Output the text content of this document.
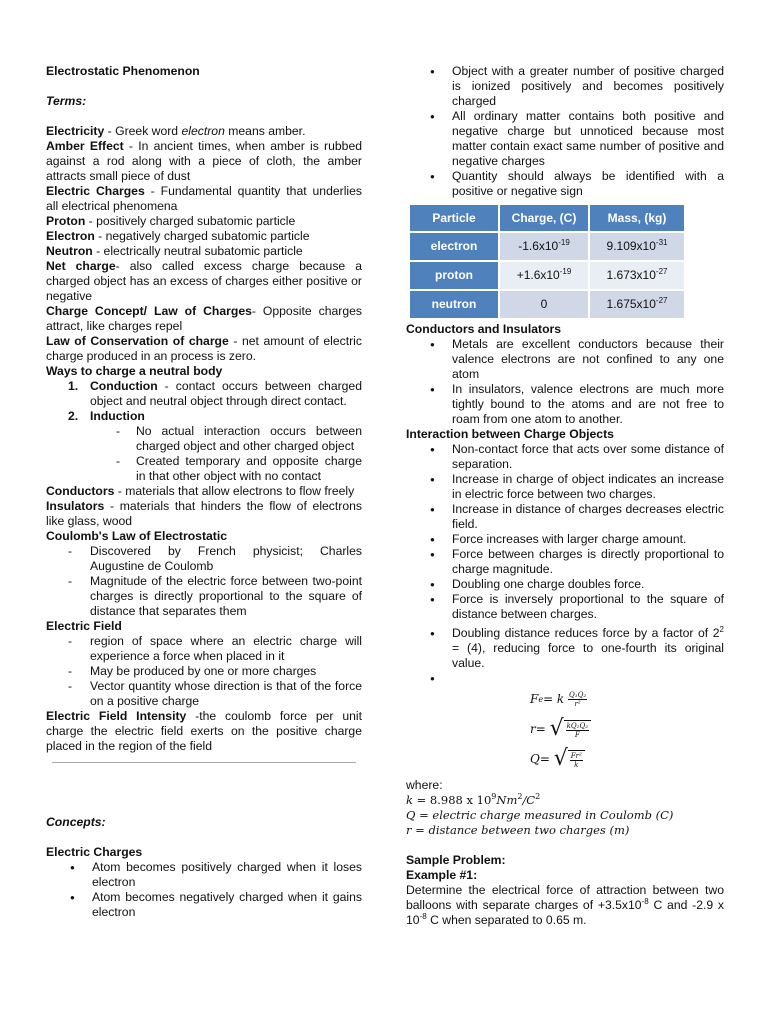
Electrostatic Phenomenon

Terms:

Electricity - Greek word electron means amber.

Amber Effect - In ancient times, when amber is rubbed against a rod along with a piece of cloth, the amber attracts small piece of dust

Electric Charges - Fundamental quantity that underlies all electrical phenomena

Proton - positively charged subatomic particle

Electron - negatively charged subatomic particle

Neutron - electrically neutral subatomic particle

Net charge- also called excess charge because a charged object has an excess of charges either positive or negative

Charge Concept/ Law of Charges- Opposite charges attract, like charges repel

Law of Conservation of charge - net amount of electric charge produced in an process is zero.

Ways to charge a neutral body

1. Conduction - contact occurs between charged object and neutral object through direct contact.
2. Induction
- No actual interaction occurs between charged object and other charged object
- Created temporary and opposite charge in that other object with no contact

Conductors - materials that allow electrons to flow freely

Insulators - materials that hinders the flow of electrons like glass, wood

Coulomb's Law of Electrostatic

- Discovered by French physicist; Charles Augustine de Coulomb
- Magnitude of the electric force between two-point charges is directly proportional to the square of distance that separates them

Electric Field

- region of space where an electric charge will experience a force when placed in it
- May be produced by one or more charges
- Vector quantity whose direction is that of the force on a positive charge

Electric Field Intensity -the coulomb force per unit charge the electric field exerts on the positive charge placed in the region of the field

Concepts:

Electric Charges

● Atom becomes positively charged when it loses electron
● Atom becomes negatively charged when it gains electron
● Object with a greater number of positive charged is ionized positively and becomes positively charged
● All ordinary matter contains both positive and negative charge but unnoticed because most matter contain exact same number of positive and negative charges
● Quantity should always be identified with a positive or negative sign
Particle	Charge, (C)	Mass, (kg)
electron	$-1.6x10^{-19}$	$9.109x10^{-31}$
proton	$+1.6x10^{-19}$	$1.673x10^{-27}$
neutron	0	$1.675x10^{-27}$

Conductors and Insulators

● Metals are excellent conductors because their valence electrons are not confined to any one atom
● In insulators, valence electrons are much more tightly bound to the atoms and are not free to roam from one atom to another.

Interaction between Charge Objects

● Non-contact force that acts over some distance of separation.
● Increase in charge of object indicates an increase in electric force between two charges.
● Increase in distance of charges decreases electric field.
● Force increases with larger charge amount.
● Force between charges is directly proportional to charge magnitude.
● Doubling one charge doubles force.
● Force is inversely proportional to the square of distance between charges.
● Doubling distance reduces force by a factor of $2^2 = (4)$, reducing force to one-fourth its original value.
●
F e = k
$\frac{\text{Q₁Q₂}}{\text{r²}}$
r =
√ $\frac{\text{kQ₁Q₂}}{F}$
Q =
√ $\frac{\text{Fr²}}{k}$

where:

k = 8.988 x $10^9Nm^2/C^2$

Q = electric charge measured in Coulomb (C)

r = distance between two charges (m)

Sample Problem:

Example #1:

Determine the electrical force of attraction between two balloons with separate charges of $+3.5x10^{-8}$ C and -2.9 x $10^{-8}$ C when separated to 0.65 m.
